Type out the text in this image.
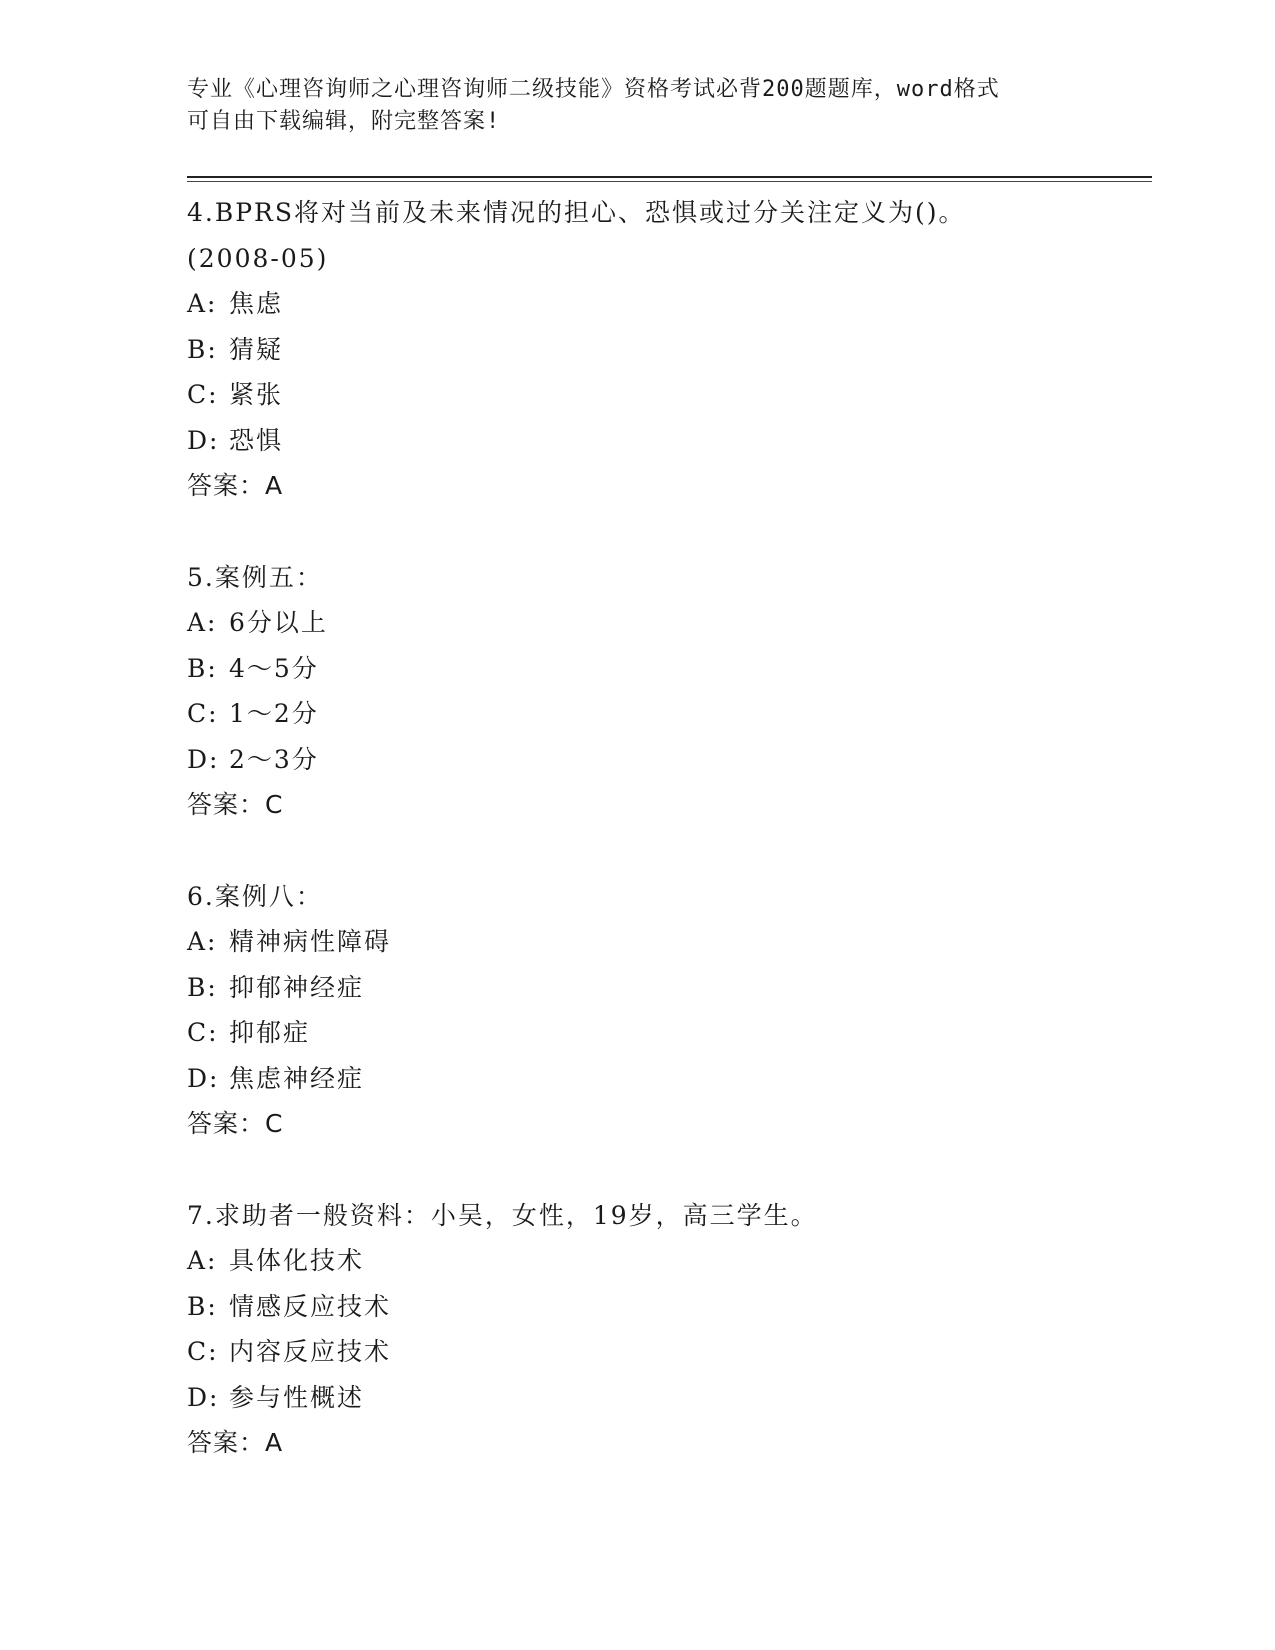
专业《心理咨询师之心理咨询师二级技能》资格考试必背200题题库，word格式
可自由下载编辑，附完整答案!
4.BPRS将对当前及未来情况的担心、恐惧或过分关注定义为()。
(2008-05)
A: 焦虑
B: 猜疑
C: 紧张
D: 恐惧
答案：A
5.案例五：
A: 6分以上
B: 4～5分
C: 1～2分
D: 2～3分
答案：C
6.案例八：
A: 精神病性障碍
B: 抑郁神经症
C: 抑郁症
D: 焦虑神经症
答案：C
7.求助者一般资料：小吴，女性，19岁，高三学生。
A: 具体化技术
B: 情感反应技术
C: 内容反应技术
D: 参与性概述
答案：A
